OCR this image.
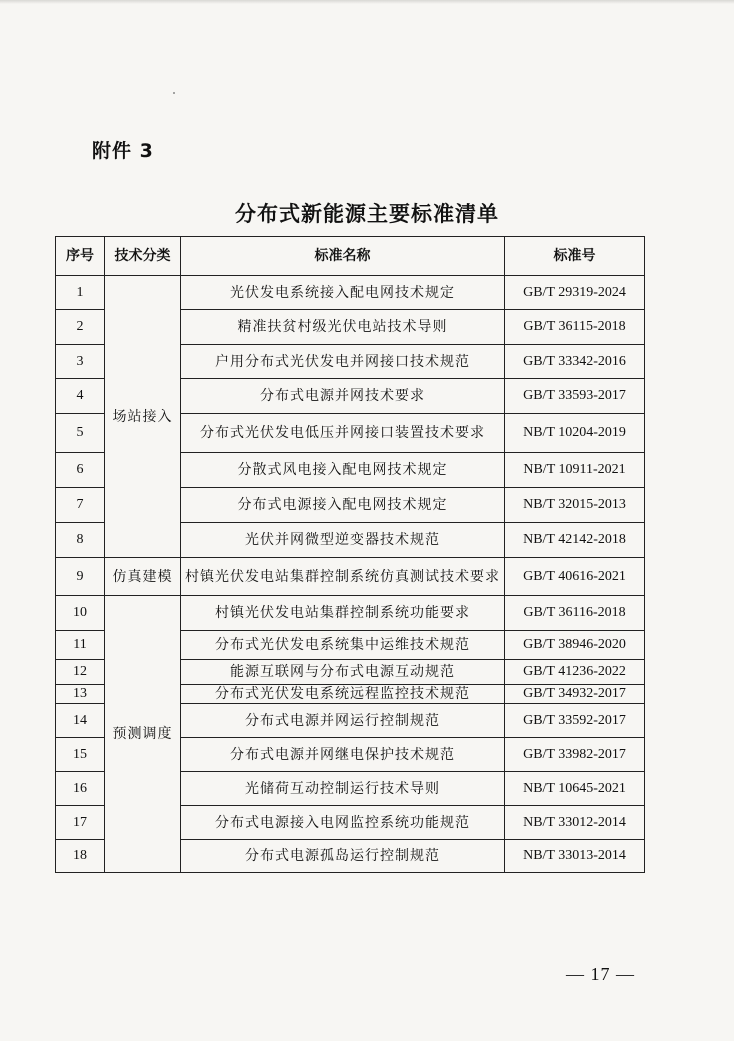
附件 3
分布式新能源主要标准清单
序号	技术分类	标准名称	标准号
1	场站接入	光伏发电系统接入配电网技术规定	GB/T 29319-2024
2		精准扶贫村级光伏电站技术导则	GB/T 36115-2018
3		户用分布式光伏发电并网接口技术规范	GB/T 33342-2016
4		分布式电源并网技术要求	GB/T 33593-2017
5		分布式光伏发电低压并网接口装置技术要求	NB/T 10204-2019
6		分散式风电接入配电网技术规定	NB/T 10911-2021
7		分布式电源接入配电网技术规定	NB/T 32015-2013
8		光伏并网微型逆变器技术规范	NB/T 42142-2018
9	仿真建模	村镇光伏发电站集群控制系统仿真测试技术要求	GB/T 40616-2021
10	预测调度	村镇光伏发电站集群控制系统功能要求	GB/T 36116-2018
11		分布式光伏发电系统集中运维技术规范	GB/T 38946-2020
12		能源互联网与分布式电源互动规范	GB/T 41236-2022
13		分布式光伏发电系统远程监控技术规范	GB/T 34932-2017
14		分布式电源并网运行控制规范	GB/T 33592-2017
15		分布式电源并网继电保护技术规范	GB/T 33982-2017
16		光储荷互动控制运行技术导则	NB/T 10645-2021
17		分布式电源接入电网监控系统功能规范	NB/T 33012-2014
18		分布式电源孤岛运行控制规范	NB/T 33013-2014
— 17 —
